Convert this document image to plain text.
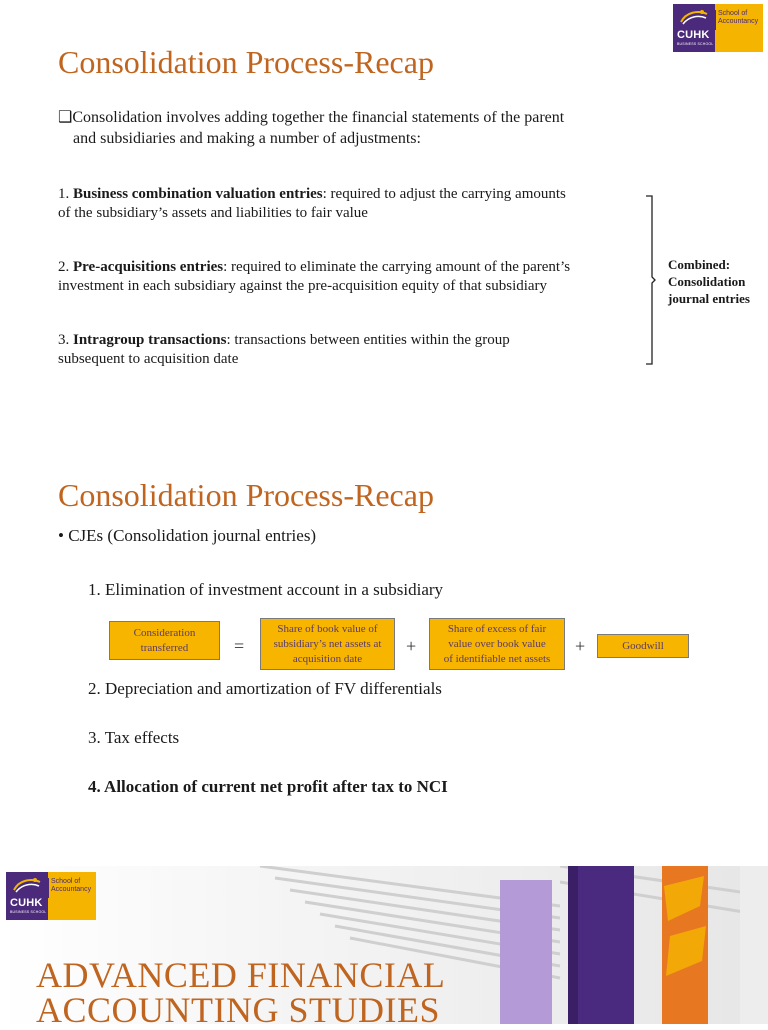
CUHK
BUSINESS SCHOOL
School of Accountancy
Consolidation Process-Recap
❑Consolidation involves adding together the financial statements of the parent
and subsidiaries and making a number of adjustments:
1. Business combination valuation entries: required to adjust the carrying amounts
of the subsidiary’s assets and liabilities to fair value
2. Pre-acquisitions entries: required to eliminate the carrying amount of the parent’s
investment in each subsidiary against the pre-acquisition equity of that subsidiary
3. Intragroup transactions: transactions between entities within the group
subsequent to acquisition date
Combined:
Consolidation
journal entries
Consolidation Process-Recap
• CJEs (Consolidation journal entries)
1. Elimination of investment account in a subsidiary
Consideration
transferred	=
Share of book value of
subsidiary’s net assets at
acquisition date
+
Share of excess of fair
value over book value
of identifiable net assets
+	Goodwill
2. Depreciation and amortization of FV differentials
3. Tax effects
4. Allocation of current net profit after tax to NCI
CUHK
BUSINESS SCHOOL
School of Accountancy
ADVANCED FINANCIAL
ACCOUNTING STUDIES
